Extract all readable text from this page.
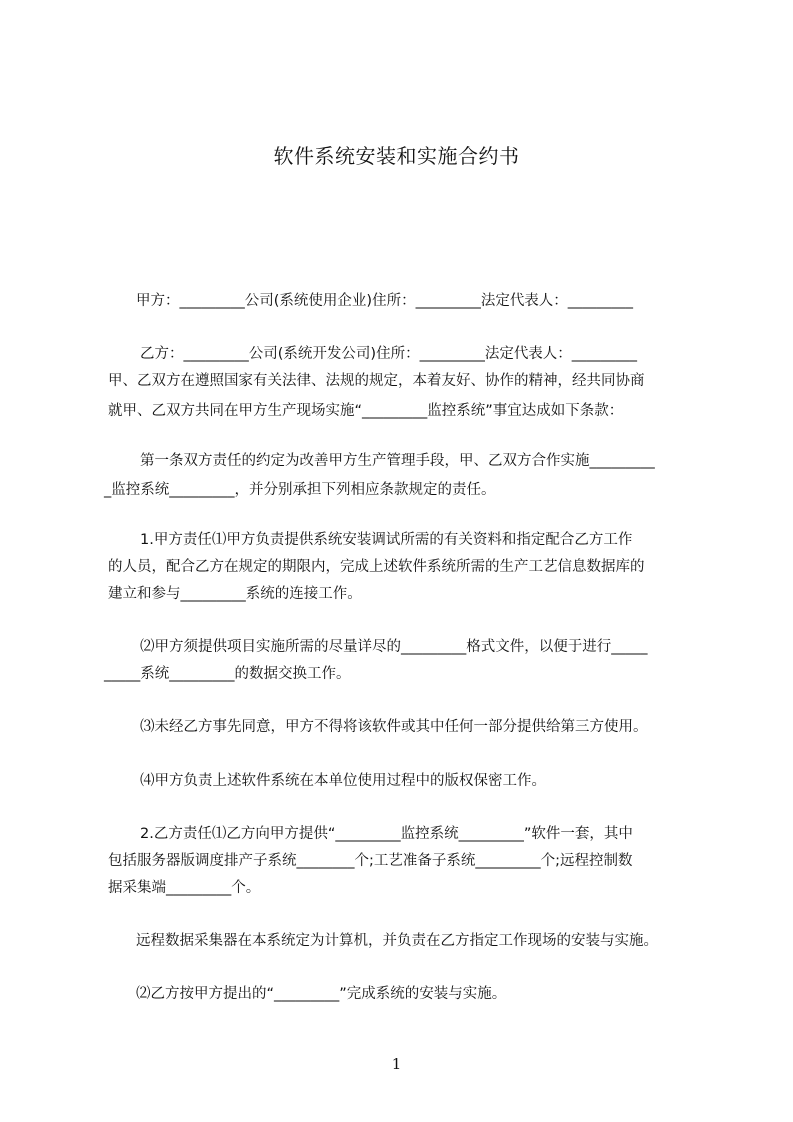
软件系统安装和实施合约书

甲方：_________公司(系统使用企业)住所：_________法定代表人：_________

乙方：_________公司(系统开发公司)住所：_________法定代表人：_________

甲、乙双方在遵照国家有关法律、法规的规定，本着友好、协作的精神，经共同协商

就甲、乙双方共同在甲方生产现场实施“_________监控系统”事宜达成如下条款：

第一条双方责任的约定为改善甲方生产管理手段，甲、乙双方合作实施_________

_监控系统_________，并分别承担下列相应条款规定的责任。

1.甲方责任⑴甲方负责提供系统安装调试所需的有关资料和指定配合乙方工作

的人员，配合乙方在规定的期限内，完成上述软件系统所需的生产工艺信息数据库的

建立和参与_________系统的连接工作。

⑵甲方须提供项目实施所需的尽量详尽的_________格式文件，以便于进行_____

_____系统_________的数据交换工作。

⑶未经乙方事先同意，甲方不得将该软件或其中任何一部分提供给第三方使用。

⑷甲方负责上述软件系统在本单位使用过程中的版权保密工作。

2.乙方责任⑴乙方向甲方提供“_________监控系统_________”软件一套，其中

包括服务器版调度排产子系统________个;工艺准备子系统_________个;远程控制数

据采集端_________个。

远程数据采集器在本系统定为计算机，并负责在乙方指定工作现场的安装与实施。

⑵乙方按甲方提出的“_________”完成系统的安装与实施。

1
